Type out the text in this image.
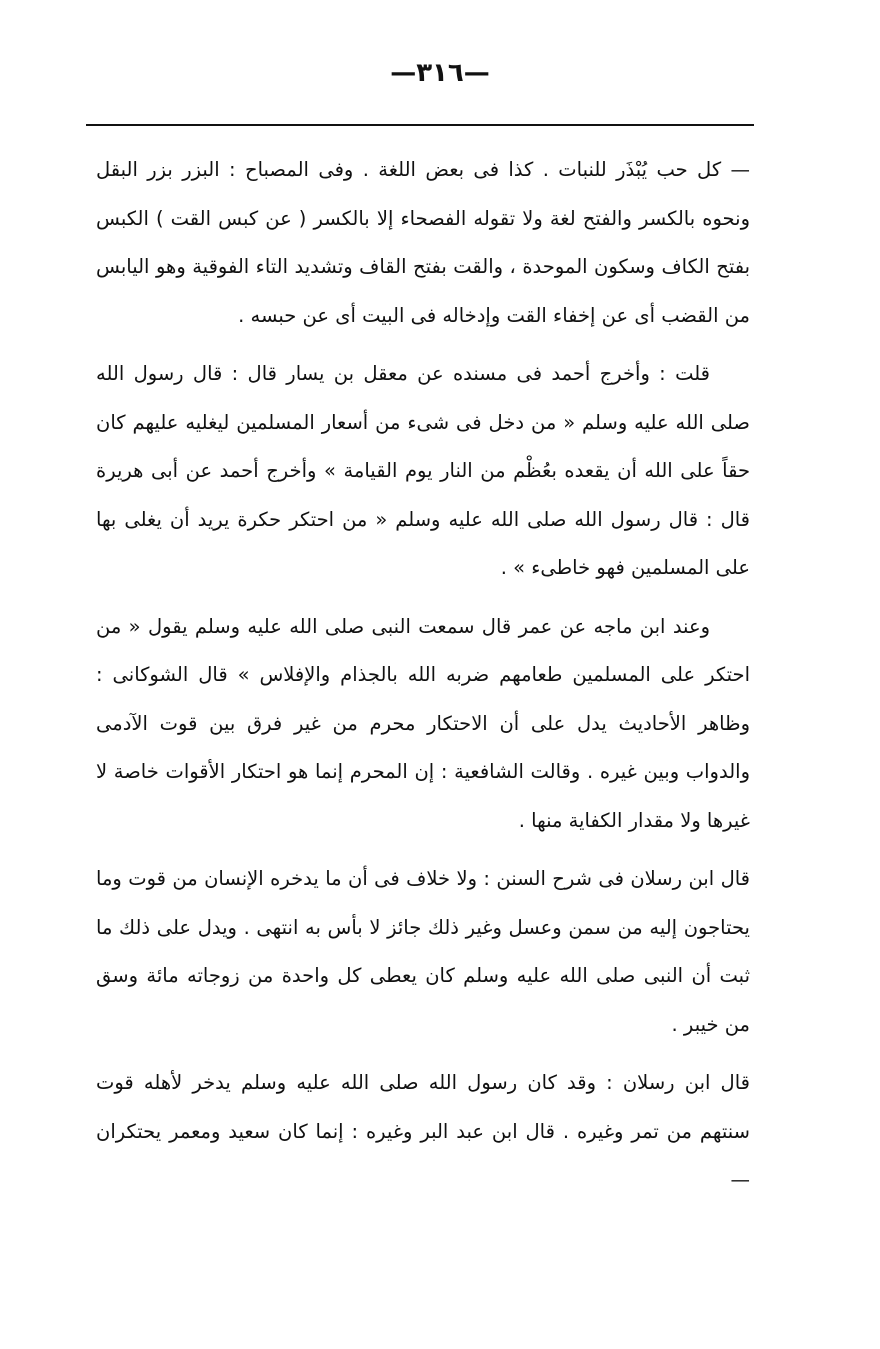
—٣١٦—

— كل حب يُبْذَر للنبات . كذا فى بعض اللغة . وفى المصباح : البزر بزر البقل ونحوه بالكسر والفتح لغة ولا تقوله الفصحاء إلا بالكسر ( عن كبس القت ) الكبس بفتح الكاف وسكون الموحدة ، والقت بفتح القاف وتشديد التاء الفوقية وهو اليابس من القضب أى عن إخفاء القت وإدخاله فى البيت أى عن حبسه .

قلت : وأخرج أحمد فى مسنده عن معقل بن يسار قال : قال رسول الله صلى الله عليه وسلم « من دخل فى شىء من أسعار المسلمين ليغليه عليهم كان حقاً على الله أن يقعده بعُظْم من النار يوم القيامة » وأخرج أحمد عن أبى هريرة قال : قال رسول الله صلى الله عليه وسلم « من احتكر حكرة يريد أن يغلى بها على المسلمين فهو خاطىء » .

وعند ابن ماجه عن عمر قال سمعت النبى صلى الله عليه وسلم يقول « من احتكر على المسلمين طعامهم ضربه الله بالجذام والإفلاس » قال الشوكانى : وظاهر الأحاديث يدل على أن الاحتكار محرم من غير فرق بين قوت الآدمى والدواب وبين غيره . وقالت الشافعية : إن المحرم إنما هو احتكار الأقوات خاصة لا غيرها ولا مقدار الكفاية منها .

قال ابن رسلان فى شرح السنن : ولا خلاف فى أن ما يدخره الإنسان من قوت وما يحتاجون إليه من سمن وعسل وغير ذلك جائز لا بأس به انتهى . ويدل على ذلك ما ثبت أن النبى صلى الله عليه وسلم كان يعطى كل واحدة من زوجاته مائة وسق من خيبر .

قال ابن رسلان : وقد كان رسول الله صلى الله عليه وسلم يدخر لأهله قوت سنتهم من تمر وغيره . قال ابن عبد البر وغيره : إنما كان سعيد ومعمر يحتكران —
